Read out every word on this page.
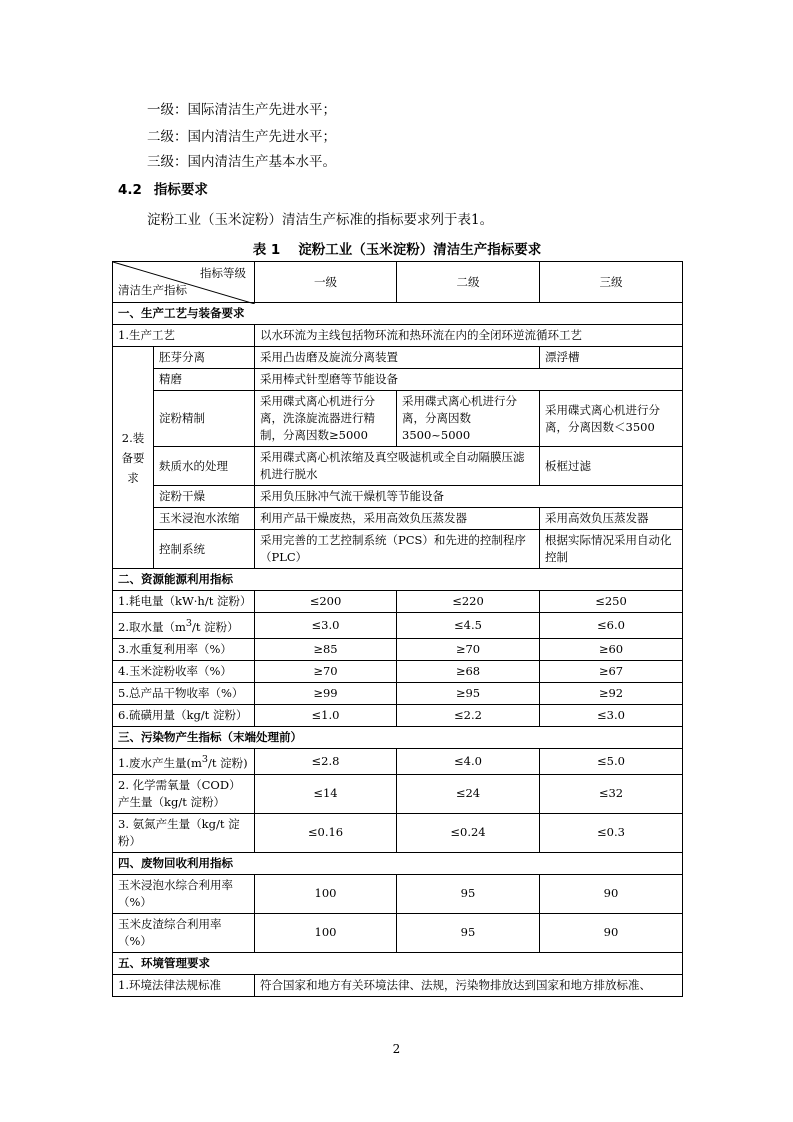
一级：国际清洁生产先进水平；
二级：国内清洁生产先进水平；
三级：国内清洁生产基本水平。
4.2 指标要求
淀粉工业（玉米淀粉）清洁生产标准的指标要求列于表1。
表 1 淀粉工业（玉米淀粉）清洁生产指标要求
指标等级
清洁生产指标		一级	二级	三级
一、生产工艺与装备要求				
1.生产工艺		以水环流为主线包括物环流和热环流在内的全闭环逆流循环工艺		
2.装备要求	胚芽分离	采用凸齿磨及旋流分离装置		漂浮槽
	精磨	采用棒式针型磨等节能设备		
	淀粉精制	采用碟式离心机进行分离，洗涤旋流器进行精制，分离因数≥5000	采用碟式离心机进行分离，分离因数 3500~5000	采用碟式离心机进行分离，分离因数＜3500
	麸质水的处理	采用碟式离心机浓缩及真空吸滤机或全自动隔膜压滤机进行脱水		板框过滤
	淀粉干燥	采用负压脉冲气流干燥机等节能设备		
	玉米浸泡水浓缩	利用产品干燥废热，采用高效负压蒸发器		采用高效负压蒸发器
	控制系统	采用完善的工艺控制系统（PCS）和先进的控制程序（PLC）		根据实际情况采用自动化控制
二、资源能源利用指标				
1.耗电量（kW·h/t 淀粉）		≤200	≤220	≤250
2.取水量（$m^3/t$ 淀粉）		≤3.0	≤4.5	≤6.0
3.水重复利用率（%）		≥85	≥70	≥60
4.玉米淀粉收率（%）		≥70	≥68	≥67
5.总产品干物收率（%）		≥99	≥95	≥92
6.硫磺用量（kg/t 淀粉）		≤1.0	≤2.2	≤3.0
三、污染物产生指标（末端处理前）				
1.废水产生量($m^3/t$ 淀粉)		≤2.8	≤4.0	≤5.0
2. 化学需氧量（COD）产生量（kg/t 淀粉）		≤14	≤24	≤32
3. 氨氮产生量（kg/t 淀粉）		≤0.16	≤0.24	≤0.3
四、废物回收利用指标				
玉米浸泡水综合利用率（%）		100	95	90
玉米皮渣综合利用率（%）		100	95	90
五、环境管理要求				
1.环境法律法规标准		符合国家和地方有关环境法律、法规，污染物排放达到国家和地方排放标准、		
2
